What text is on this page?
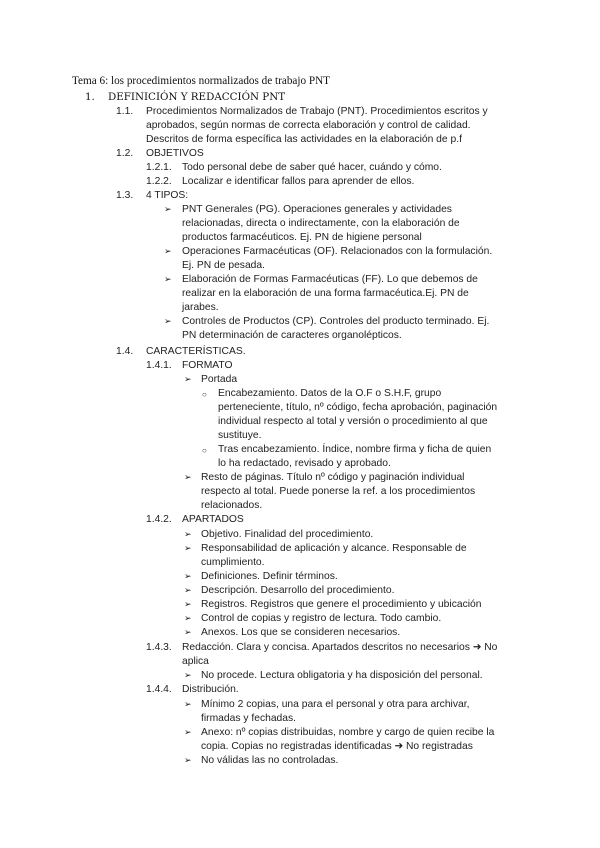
Tema 6: los procedimientos normalizados de trabajo PNT
1. DEFINICIÓN Y REDACCIÓN PNT
1.1. Procedimientos Normalizados de Trabajo (PNT). Procedimientos escritos y
aprobados, según normas de correcta elaboración y control de calidad.
Descritos de forma específica las actividades en la elaboración de p.f
1.2. OBJETIVOS
1.2.1. Todo personal debe de saber qué hacer, cuándo y cómo.
1.2.2. Localizar e identificar fallos para aprender de ellos.
1.3. 4 TIPOS:
➢ PNT Generales (PG). Operaciones generales y actividades
relacionadas, directa o indirectamente, con la elaboración de
productos farmacéuticos. Ej. PN de higiene personal
➢ Operaciones Farmacéuticas (OF). Relacionados con la formulación.
Ej. PN de pesada.
➢ Elaboración de Formas Farmacéuticas (FF). Lo que debemos de
realizar en la elaboración de una forma farmacéutica.Ej. PN de
jarabes.
➢ Controles de Productos (CP). Controles del producto terminado. Ej.
PN determinación de caracteres organolépticos.
1.4. CARACTERÍSTICAS.
1.4.1. FORMATO
➢ Portada
○ Encabezamiento. Datos de la O.F o S.H.F, grupo
perteneciente, título, nº código, fecha aprobación, paginación
individual respecto al total y versión o procedimiento al que
sustituye.
○ Tras encabezamiento. Índice, nombre firma y ficha de quien
lo ha redactado, revisado y aprobado.
➢ Resto de páginas. Título nº código y paginación individual
respecto al total. Puede ponerse la ref. a los procedimientos
relacionados.
1.4.2. APARTADOS
➢ Objetivo. Finalidad del procedimiento.
➢ Responsabilidad de aplicación y alcance. Responsable de
cumplimiento.
➢ Definiciones. Definir términos.
➢ Descripción. Desarrollo del procedimiento.
➢ Registros. Registros que genere el procedimiento y ubicación
➢ Control de copias y registro de lectura. Todo cambio.
➢ Anexos. Los que se consideren necesarios.
1.4.3. Redacción. Clara y concisa. Apartados descritos no necesarios ➜ No
aplica
➢ No procede. Lectura obligatoria y ha disposición del personal.
1.4.4. Distribución.
➢ Mínimo 2 copias, una para el personal y otra para archivar,
firmadas y fechadas.
➢ Anexo: nº copias distribuidas, nombre y cargo de quien recibe la
copia. Copias no registradas identificadas ➜ No registradas
➢ No válidas las no controladas.
